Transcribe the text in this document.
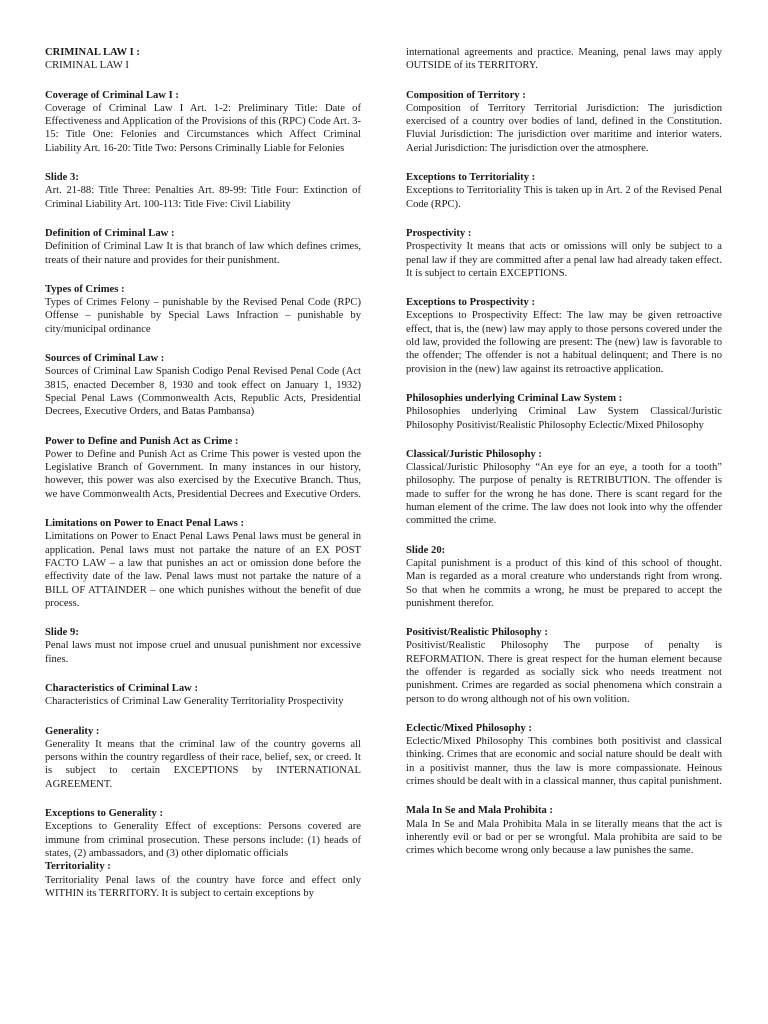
CRIMINAL LAW I :
CRIMINAL LAW I
Coverage of Criminal Law I :
Coverage of Criminal Law I Art. 1-2: Preliminary Title: Date of Effectiveness and Application of the Provisions of this (RPC) Code Art. 3-15: Title One: Felonies and Circumstances which Affect Criminal Liability Art. 16-20: Title Two: Persons Criminally Liable for Felonies
Slide 3:
Art. 21-88: Title Three: Penalties Art. 89-99: Title Four: Extinction of Criminal Liability Art. 100-113: Title Five: Civil Liability
Definition of Criminal Law :
Definition of Criminal Law It is that branch of law which defines crimes, treats of their nature and provides for their punishment.
Types of Crimes :
Types of Crimes Felony – punishable by the Revised Penal Code (RPC) Offense – punishable by Special Laws Infraction – punishable by city/municipal ordinance
Sources of Criminal Law :
Sources of Criminal Law Spanish Codigo Penal Revised Penal Code (Act 3815, enacted December 8, 1930 and took effect on January 1, 1932) Special Penal Laws (Commonwealth Acts, Republic Acts, Presidential Decrees, Executive Orders, and Batas Pambansa)
Power to Define and Punish Act as Crime :
Power to Define and Punish Act as Crime This power is vested upon the Legislative Branch of Government. In many instances in our history, however, this power was also exercised by the Executive Branch. Thus, we have Commonwealth Acts, Presidential Decrees and Executive Orders.
Limitations on Power to Enact Penal Laws :
Limitations on Power to Enact Penal Laws Penal laws must be general in application. Penal laws must not partake the nature of an EX POST FACTO LAW – a law that punishes an act or omission done before the effectivity date of the law. Penal laws must not partake the nature of a BILL OF ATTAINDER – one which punishes without the benefit of due process.
Slide 9:
Penal laws must not impose cruel and unusual punishment nor excessive fines.
Characteristics of Criminal Law :
Characteristics of Criminal Law Generality Territoriality Prospectivity
Generality :
Generality It means that the criminal law of the country governs all persons within the country regardless of their race, belief, sex, or creed. It is subject to certain EXCEPTIONS by INTERNATIONAL AGREEMENT.
Exceptions to Generality :
Exceptions to Generality Effect of exceptions: Persons covered are immune from criminal prosecution. These persons include: (1) heads of states, (2) ambassadors, and (3) other diplomatic officials
Territoriality :
Territoriality Penal laws of the country have force and effect only WITHIN its TERRITORY. It is subject to certain exceptions by
international agreements and practice. Meaning, penal laws may apply OUTSIDE of its TERRITORY.
Composition of Territory :
Composition of Territory Territorial Jurisdiction: The jurisdiction exercised of a country over bodies of land, defined in the Constitution. Fluvial Jurisdiction: The jurisdiction over maritime and interior waters. Aerial Jurisdiction: The jurisdiction over the atmosphere.
Exceptions to Territoriality :
Exceptions to Territoriality This is taken up in Art. 2 of the Revised Penal Code (RPC).
Prospectivity :
Prospectivity It means that acts or omissions will only be subject to a penal law if they are committed after a penal law had already taken effect. It is subject to certain EXCEPTIONS.
Exceptions to Prospectivity :
Exceptions to Prospectivity Effect: The law may be given retroactive effect, that is, the (new) law may apply to those persons covered under the old law, provided the following are present: The (new) law is favorable to the offender; The offender is not a habitual delinquent; and There is no provision in the (new) law against its retroactive application.
Philosophies underlying Criminal Law System :
Philosophies underlying Criminal Law System Classical/Juristic Philosophy Positivist/Realistic Philosophy Eclectic/Mixed Philosophy
Classical/Juristic Philosophy :
Classical/Juristic Philosophy “An eye for an eye, a tooth for a tooth” philosophy. The purpose of penalty is RETRIBUTION. The offender is made to suffer for the wrong he has done. There is scant regard for the human element of the crime. The law does not look into why the offender committed the crime.
Slide 20:
Capital punishment is a product of this kind of this school of thought. Man is regarded as a moral creature who understands right from wrong. So that when he commits a wrong, he must be prepared to accept the punishment therefor.
Positivist/Realistic Philosophy :
Positivist/Realistic Philosophy The purpose of penalty is REFORMATION. There is great respect for the human element because the offender is regarded as socially sick who needs treatment not punishment. Crimes are regarded as social phenomena which constrain a person to do wrong although not of his own volition.
Eclectic/Mixed Philosophy :
Eclectic/Mixed Philosophy This combines both positivist and classical thinking. Crimes that are economic and social nature should be dealt with in a positivist manner, thus the law is more compassionate. Heinous crimes should be dealt with in a classical manner, thus capital punishment.
Mala In Se and Mala Prohibita :
Mala In Se and Mala Prohibita Mala in se literally means that the act is inherently evil or bad or per se wrongful. Mala prohibita are said to be crimes which become wrong only because a law punishes the same.
